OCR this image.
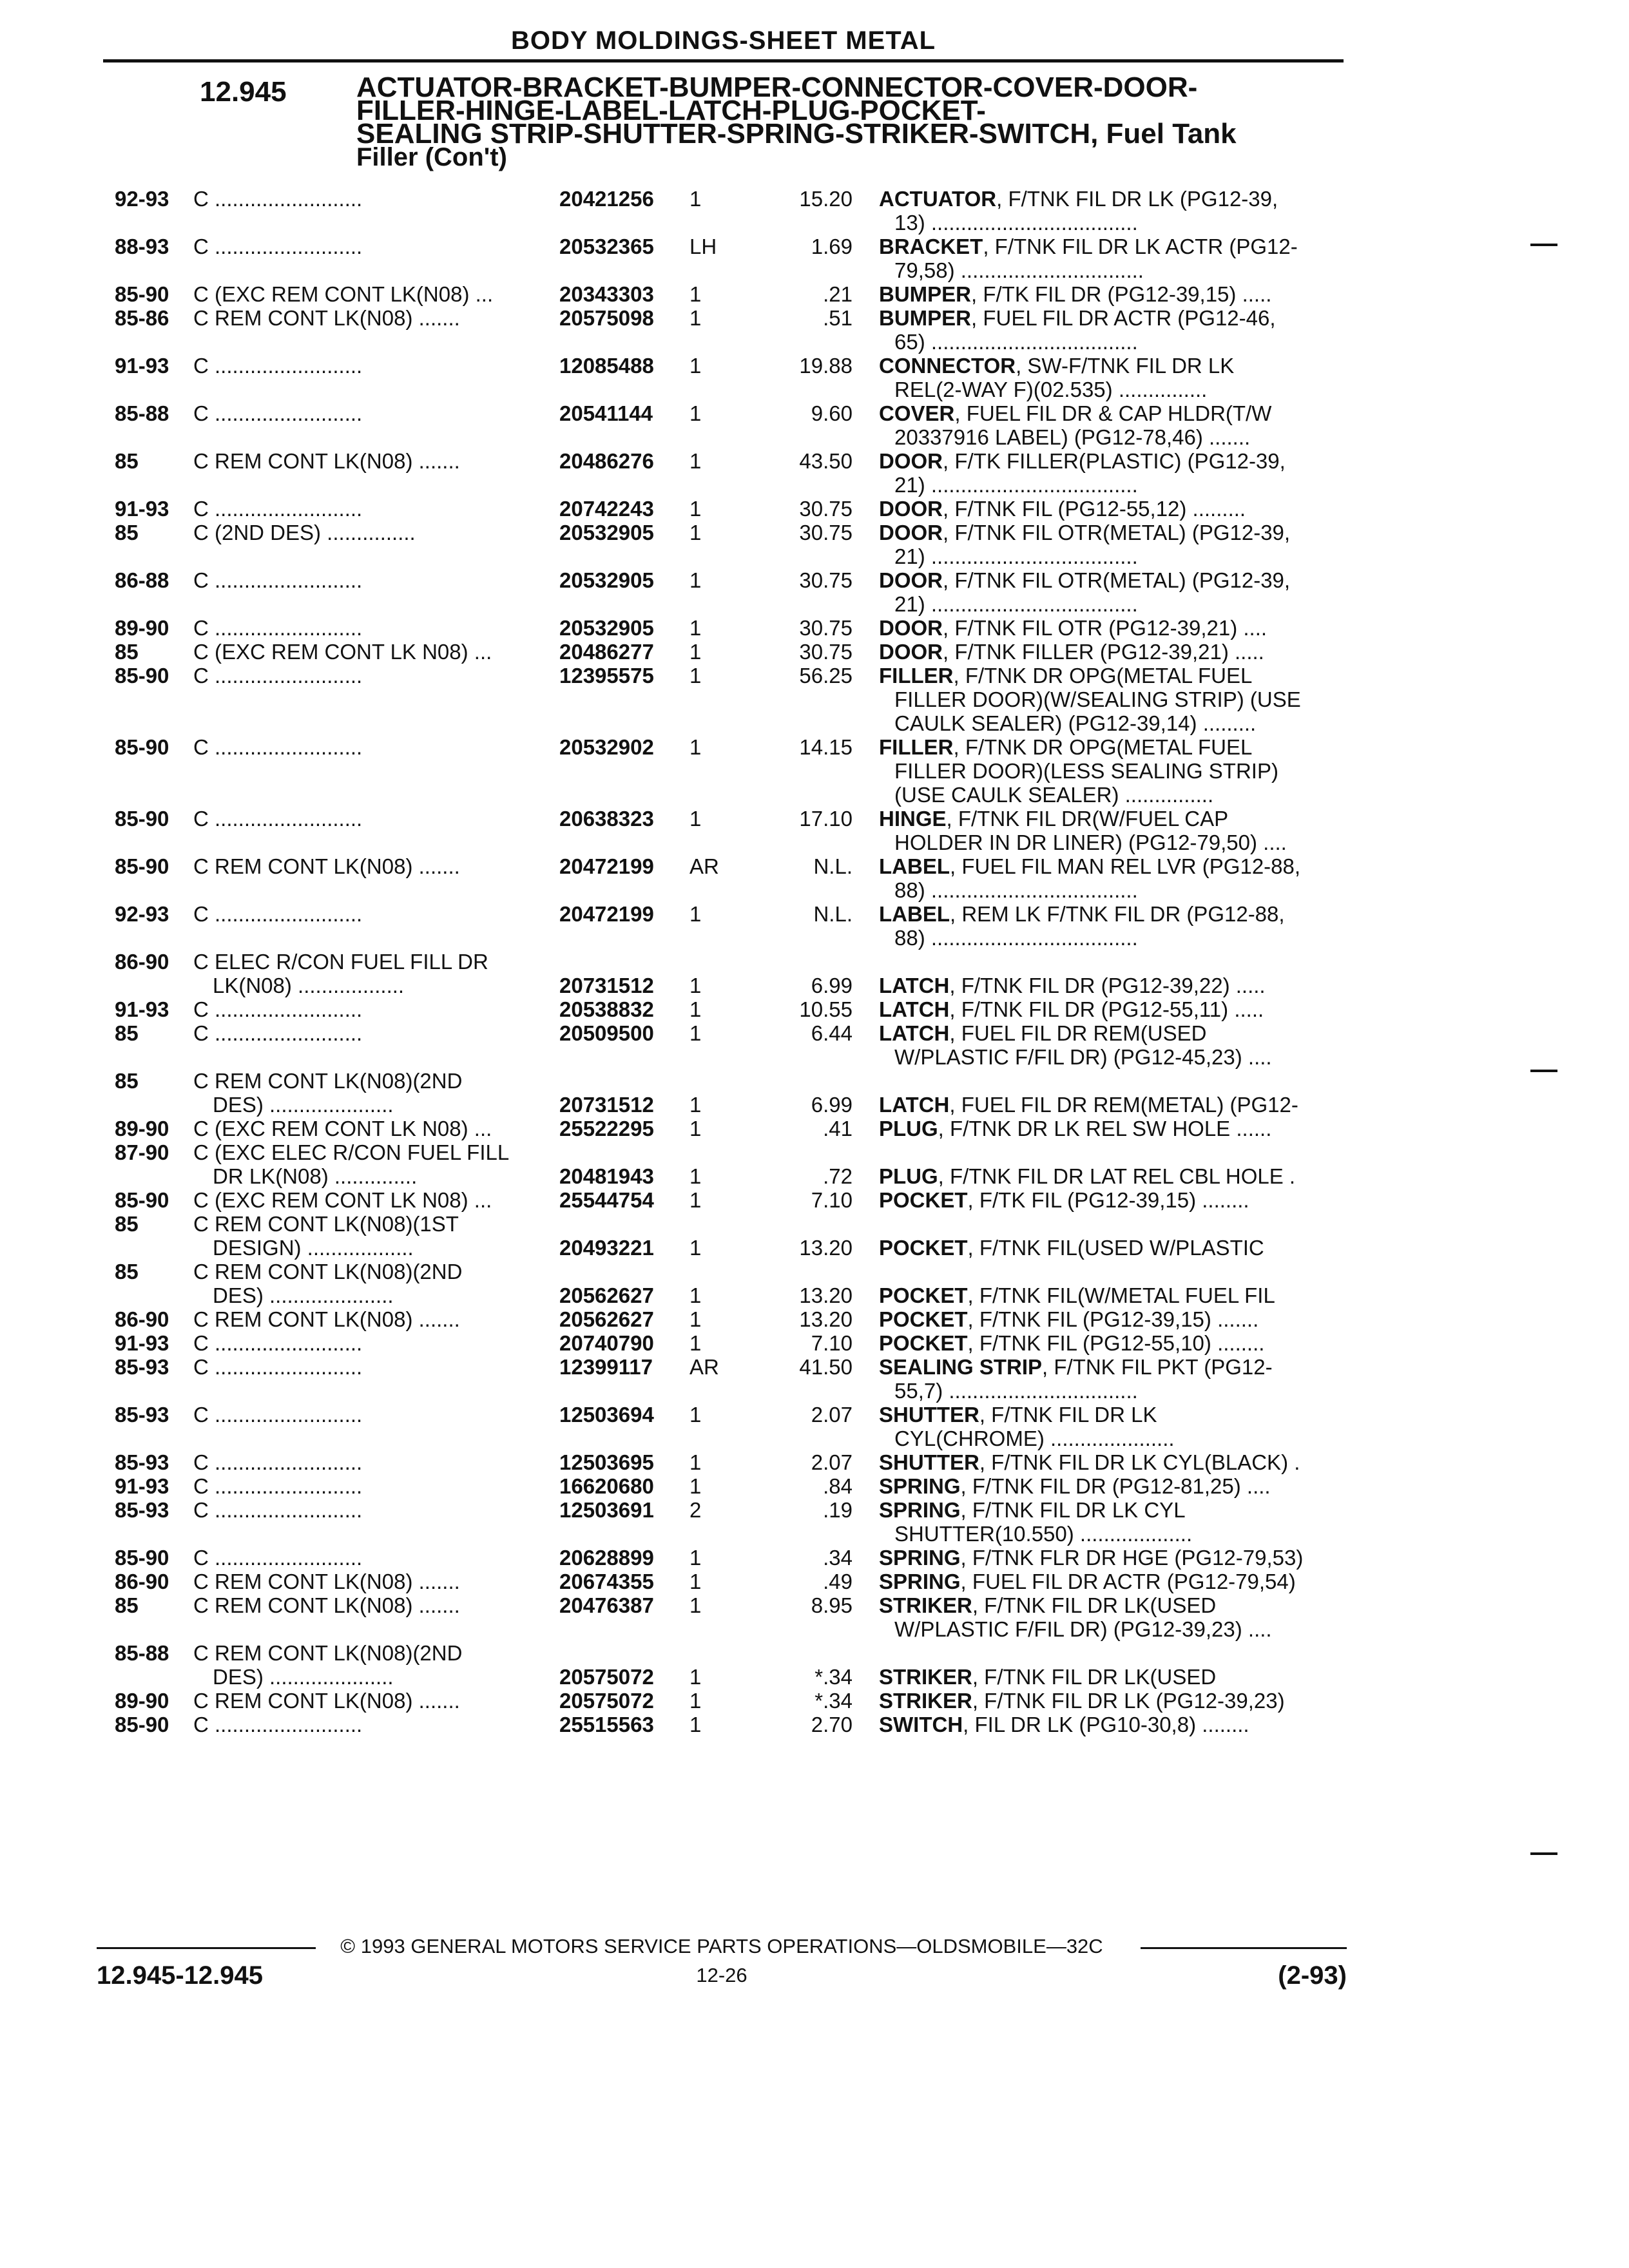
BODY MOLDINGS-SHEET METAL
12.945 ACTUATOR-BRACKET-BUMPER-CONNECTOR-COVER-DOOR-
FILLER-HINGE-LABEL-LATCH-PLUG-POCKET-
SEALING STRIP-SHUTTER-SPRING-STRIKER-SWITCH, Fuel Tank
Filler (Con't)
92-93 C .........................	20421256 1	15.20 ACTUATOR, F/TNK FIL DR LK (PG12-39,
13) ...................................
88-93 C .........................	20532365 LH	1.69 BRACKET, F/TNK FIL DR LK ACTR (PG12-
79,58) ...............................
85-90 C (EXC REM CONT LK(N08) ...	20343303 1	.21 BUMPER, F/TK FIL DR (PG12-39,15) .....
85-86 C REM CONT LK(N08) .......	20575098 1	.51 BUMPER, FUEL FIL DR ACTR (PG12-46,
65) ...................................
91-93 C .........................	12085488 1	19.88 CONNECTOR, SW-F/TNK FIL DR LK
REL(2-WAY F)(02.535) ...............
85-88 C .........................	20541144 1	9.60 COVER, FUEL FIL DR & CAP HLDR(T/W
20337916 LABEL) (PG12-78,46) .......
85	C REM CONT LK(N08) .......	20486276 1	43.50 DOOR, F/TK FILLER(PLASTIC) (PG12-39,
21) ...................................
91-93 C .........................	20742243 1	30.75 DOOR, F/TNK FIL (PG12-55,12) .........
85	C (2ND DES) ...............	20532905 1	30.75 DOOR, F/TNK FIL OTR(METAL) (PG12-39,
21) ...................................
86-88 C .........................	20532905 1	30.75 DOOR, F/TNK FIL OTR(METAL) (PG12-39,
21) ...................................
89-90 C .........................	20532905 1	30.75 DOOR, F/TNK FIL OTR (PG12-39,21) ....
85	C (EXC REM CONT LK N08) ...	20486277 1	30.75 DOOR, F/TNK FILLER (PG12-39,21) .....
85-90 C .........................	12395575 1	56.25 FILLER, F/TNK DR OPG(METAL FUEL
FILLER DOOR)(W/SEALING STRIP) (USE
CAULK SEALER) (PG12-39,14) .........
85-90 C .........................	20532902 1	14.15 FILLER, F/TNK DR OPG(METAL FUEL
FILLER DOOR)(LESS SEALING STRIP)
(USE CAULK SEALER) ...............
85-90 C .........................	20638323 1	17.10 HINGE, F/TNK FIL DR(W/FUEL CAP
HOLDER IN DR LINER) (PG12-79,50) ....
85-90 C REM CONT LK(N08) .......	20472199 AR	N.L. LABEL, FUEL FIL MAN REL LVR (PG12-88,
88) ...................................
92-93 C .........................	20472199 1	N.L. LABEL, REM LK F/TNK FIL DR (PG12-88,
88) ...................................
86-90 C ELEC R/CON FUEL FILL DR
LK(N08) ..................	20731512 1	6.99 LATCH, F/TNK FIL DR (PG12-39,22) .....
91-93 C .........................	20538832 1	10.55 LATCH, F/TNK FIL DR (PG12-55,11) .....
85	C .........................	20509500 1	6.44 LATCH, FUEL FIL DR REM(USED
W/PLASTIC F/FIL DR) (PG12-45,23) ....
85	C REM CONT LK(N08)(2ND
DES) .....................	20731512 1	6.99 LATCH, FUEL FIL DR REM(METAL) (PG12-
89-90 C (EXC REM CONT LK N08) ...	25522295 1	.41 PLUG, F/TNK DR LK REL SW HOLE ......
87-90 C (EXC ELEC R/CON FUEL FILL
DR LK(N08) ..............	20481943 1	.72 PLUG, F/TNK FIL DR LAT REL CBL HOLE .
85-90 C (EXC REM CONT LK N08) ...	25544754 1	7.10 POCKET, F/TK FIL (PG12-39,15) ........
85	C REM CONT LK(N08)(1ST
DESIGN) ..................	20493221 1	13.20 POCKET, F/TNK FIL(USED W/PLASTIC
85	C REM CONT LK(N08)(2ND
DES) .....................	20562627 1	13.20 POCKET, F/TNK FIL(W/METAL FUEL FIL
86-90 C REM CONT LK(N08) .......	20562627 1	13.20 POCKET, F/TNK FIL (PG12-39,15) .......
91-93 C .........................	20740790 1	7.10 POCKET, F/TNK FIL (PG12-55,10) ........
85-93 C .........................	12399117 AR	41.50 SEALING STRIP, F/TNK FIL PKT (PG12-
55,7) ................................
85-93 C .........................	12503694 1	2.07 SHUTTER, F/TNK FIL DR LK
CYL(CHROME) .....................
85-93 C .........................	12503695 1	2.07 SHUTTER, F/TNK FIL DR LK CYL(BLACK) .
91-93 C .........................	16620680 1	.84 SPRING, F/TNK FIL DR (PG12-81,25) ....
85-93 C .........................	12503691 2	.19 SPRING, F/TNK FIL DR LK CYL
SHUTTER(10.550) ...................
85-90 C .........................	20628899 1	.34 SPRING, F/TNK FLR DR HGE (PG12-79,53)
86-90 C REM CONT LK(N08) .......	20674355 1	.49 SPRING, FUEL FIL DR ACTR (PG12-79,54)
85	C REM CONT LK(N08) .......	20476387 1	8.95 STRIKER, F/TNK FIL DR LK(USED
W/PLASTIC F/FIL DR) (PG12-39,23) ....
85-88 C REM CONT LK(N08)(2ND
DES) .....................	20575072 1	*.34 STRIKER, F/TNK FIL DR LK(USED
89-90 C REM CONT LK(N08) .......	20575072 1	*.34 STRIKER, F/TNK FIL DR LK (PG12-39,23)
85-90 C .........................	25515563 1	2.70 SWITCH, FIL DR LK (PG10-30,8) ........
© 1993 GENERAL MOTORS SERVICE PARTS OPERATIONS—OLDSMOBILE—32C
12.945-12.945	12-26	(2-93)
